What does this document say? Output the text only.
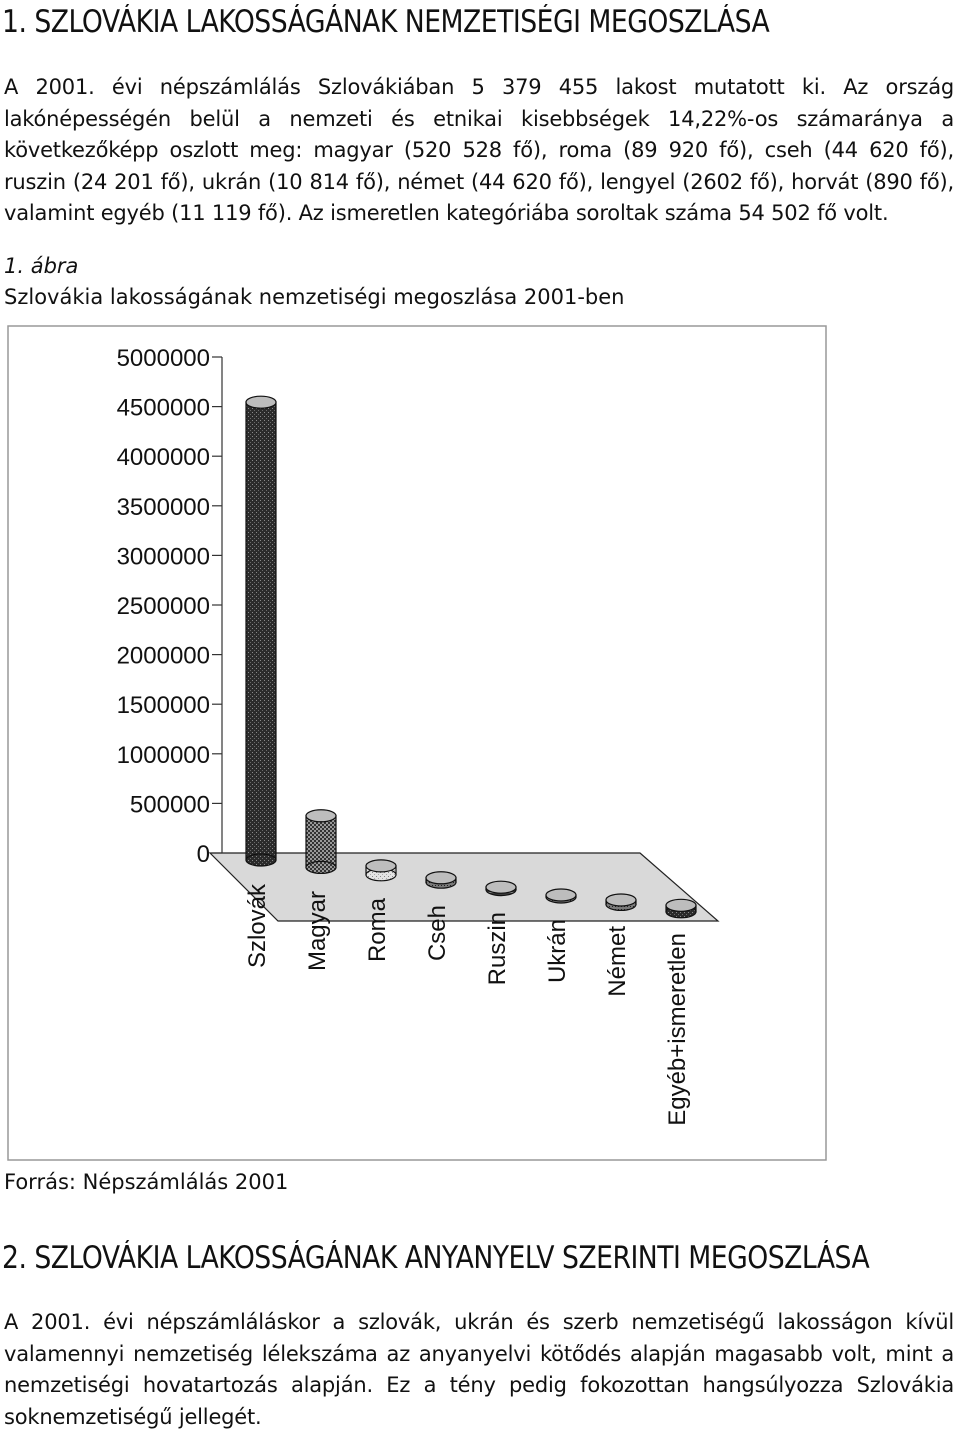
1. SZLOVÁKIA LAKOSSÁGÁNAK NEMZETISÉGI MEGOSZLÁSA

A 2001. évi népszámlálás Szlovákiában 5 379 455 lakost mutatott ki. Az ország lakónépességén belül a nemzeti és etnikai kisebbségek 14,22%-os számaránya a következőképp oszlott meg: magyar (520 528 fő), roma (89 920 fő), cseh (44 620 fő), ruszin (24 201 fő), ukrán (10 814 fő), német (44 620 fő), lengyel (2602 fő), horvát (890 fő), valamint egyéb (11 119 fő). Az ismeretlen kategóriába soroltak száma 54 502 fő volt.

1. ábra
Szlovákia lakosságának nemzetiségi megoszlása 2001-ben
0
500000
1000000
1500000
2000000
2500000
3000000
3500000
4000000
4500000
5000000
Szlovák Magyar Roma Cseh Ruszin Ukrán Német Egyéb+ismeretlen
Forrás: Népszámlálás 2001
2. SZLOVÁKIA LAKOSSÁGÁNAK ANYANYELV SZERINTI MEGOSZLÁSA

A 2001. évi népszámláláskor a szlovák, ukrán és szerb nemzetiségű lakosságon kívül valamennyi nemzetiség lélekszáma az anyanyelvi kötődés alapján magasabb volt, mint a nemzetiségi hovatartozás alapján. Ez a tény pedig fokozottan hangsúlyozza Szlovákia soknemzetiségű jellegét.
